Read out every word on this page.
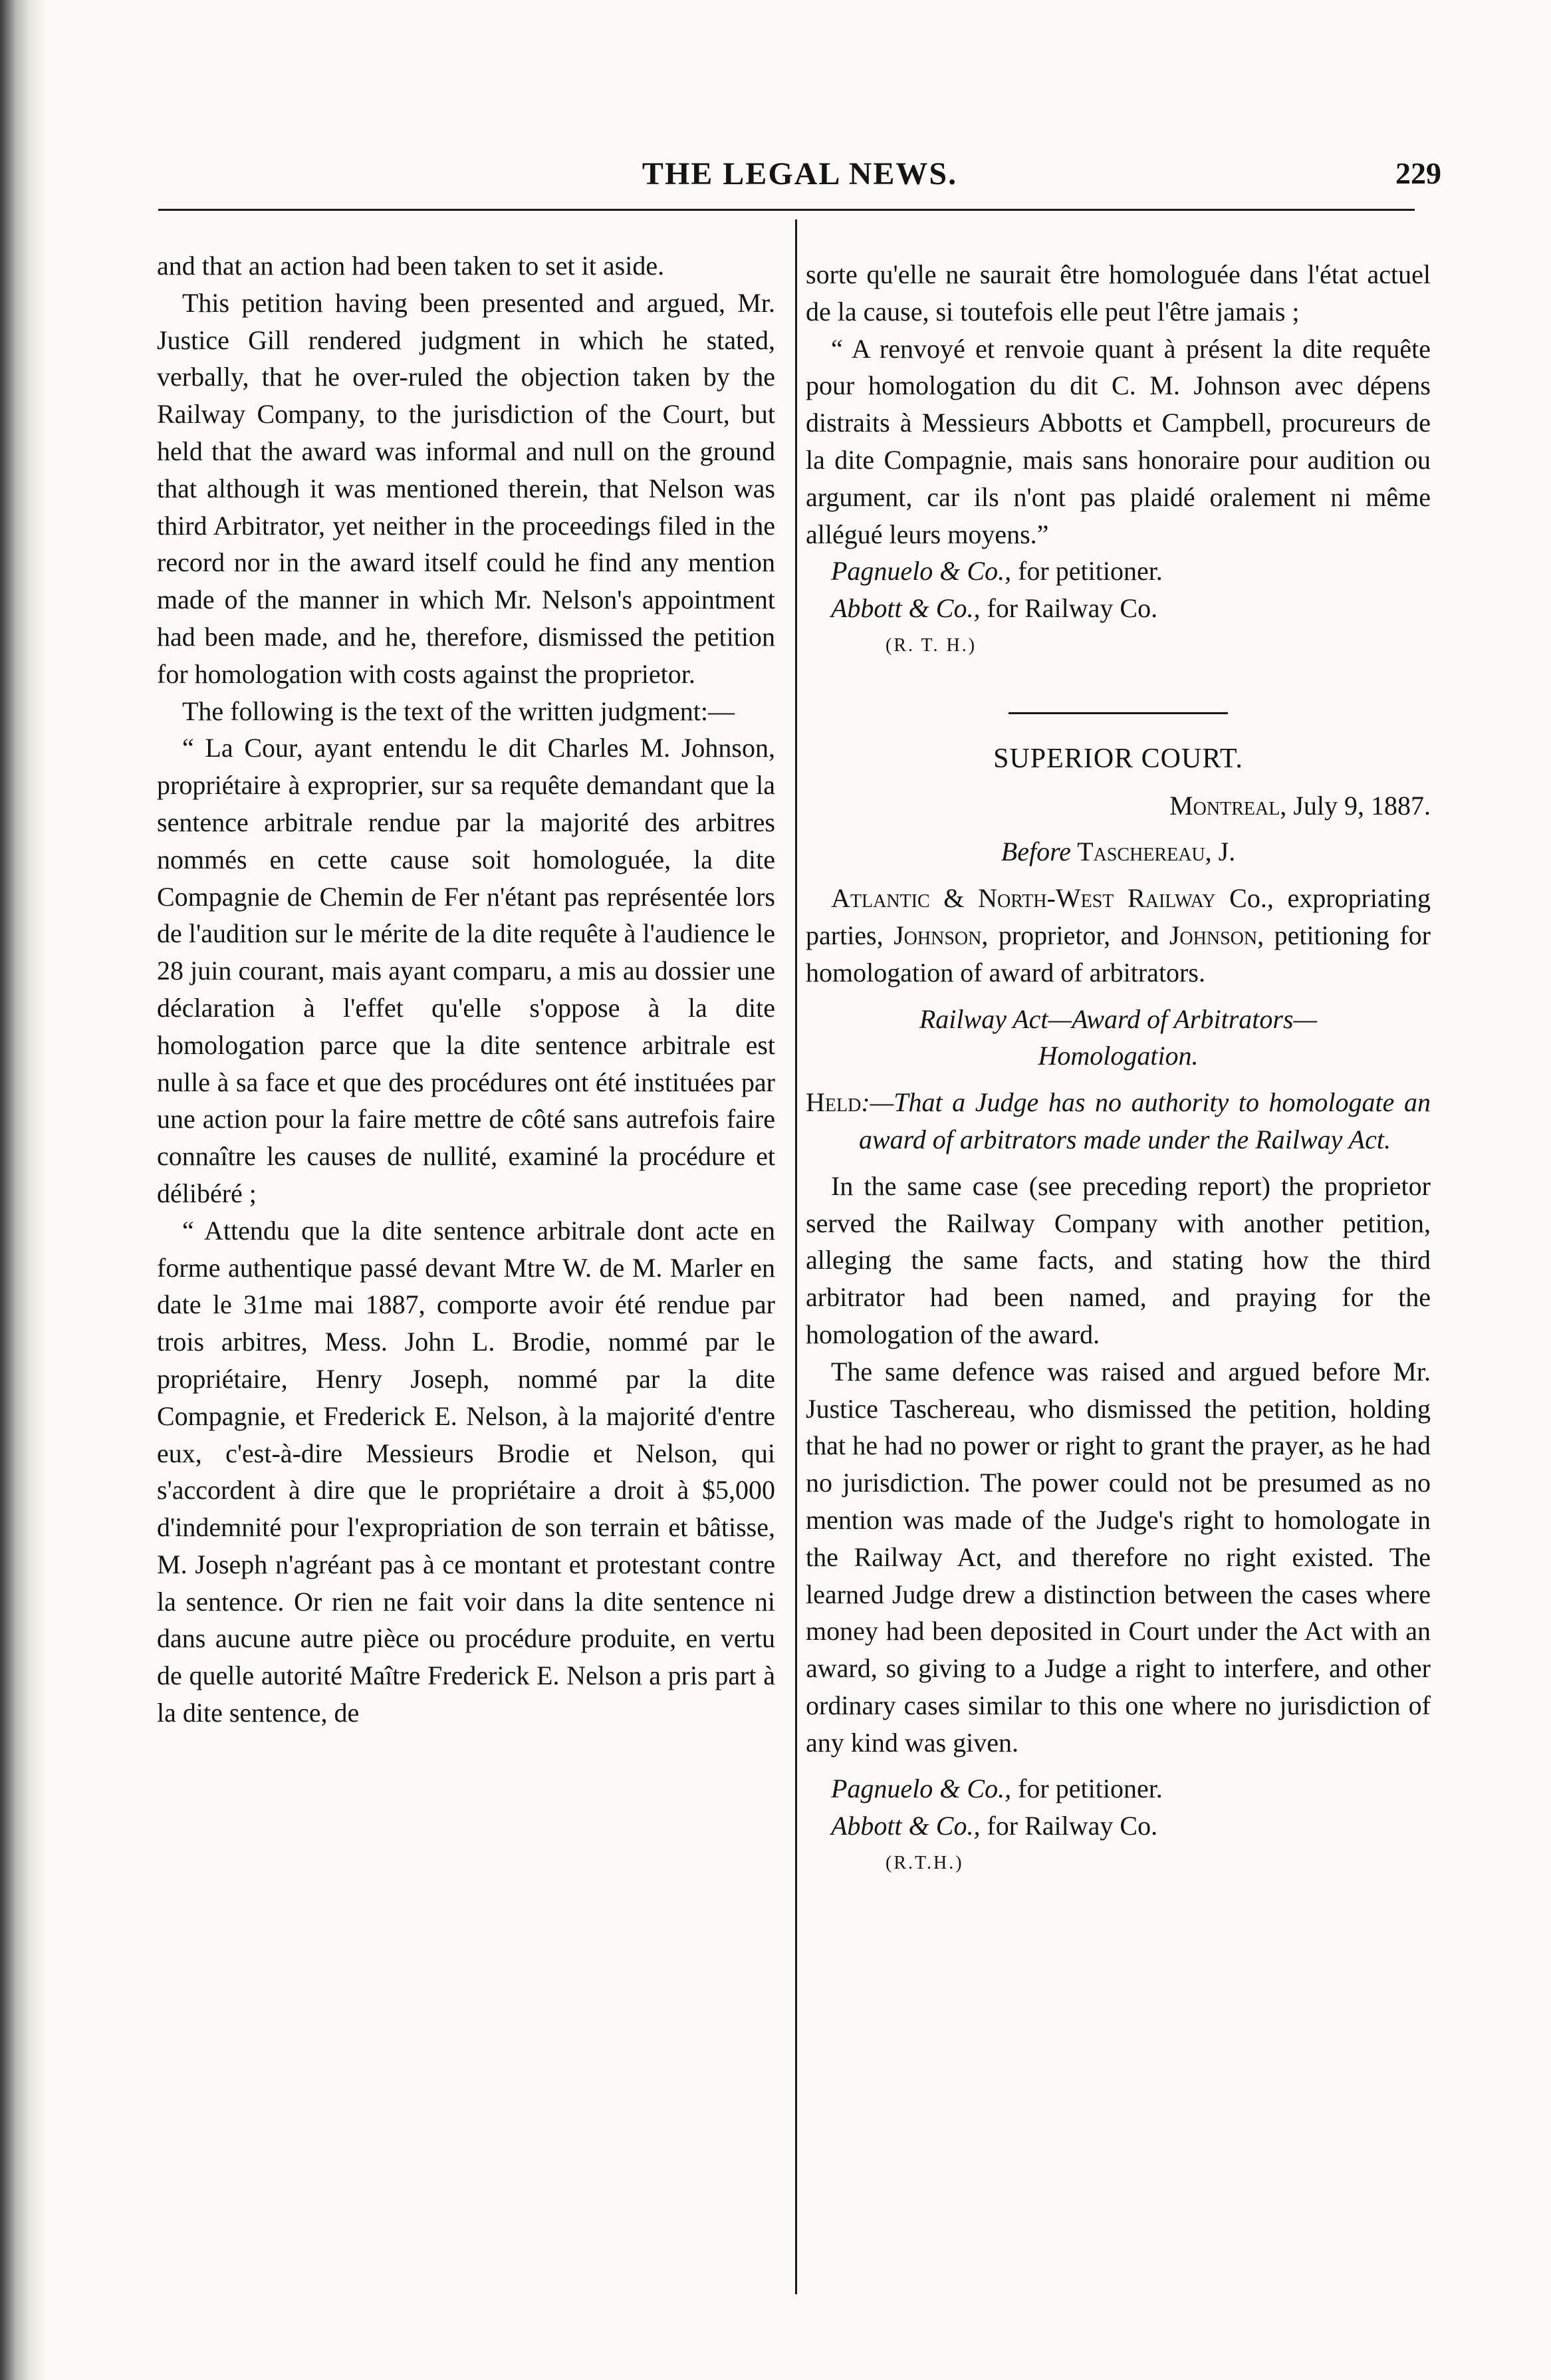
THE LEGAL NEWS.	229

and that an action had been taken to set it aside.

This petition having been presented and argued, Mr. Justice Gill rendered judgment in which he stated, verbally, that he over-ruled the objection taken by the Railway Company, to the jurisdiction of the Court, but held that the award was informal and null on the ground that although it was mentioned therein, that Nelson was third Arbitrator, yet neither in the proceedings filed in the record nor in the award itself could he find any mention made of the manner in which Mr. Nelson's appointment had been made, and he, therefore, dismissed the petition for homologation with costs against the proprietor.

The following is the text of the written judgment:—

“ La Cour, ayant entendu le dit Charles M. Johnson, propriétaire à exproprier, sur sa requête demandant que la sentence arbitrale rendue par la majorité des arbitres nommés en cette cause soit homologuée, la dite Compagnie de Chemin de Fer n'étant pas représentée lors de l'audition sur le mérite de la dite requête à l'audience le 28 juin courant, mais ayant comparu, a mis au dossier une déclaration à l'effet qu'elle s'oppose à la dite homologation parce que la dite sentence arbitrale est nulle à sa face et que des procédures ont été instituées par une action pour la faire mettre de côté sans autrefois faire connaître les causes de nullité, examiné la procédure et délibéré ;

“ Attendu que la dite sentence arbitrale dont acte en forme authentique passé devant Mtre W. de M. Marler en date le 31me mai 1887, comporte avoir été rendue par trois arbitres, Mess. John L. Brodie, nommé par le propriétaire, Henry Joseph, nommé par la dite Compagnie, et Frederick E. Nelson, à la majorité d'entre eux, c'est-à-dire Messieurs Brodie et Nelson, qui s'accordent à dire que le propriétaire a droit à $5,000 d'indemnité pour l'expropriation de son terrain et bâtisse, M. Joseph n'agréant pas à ce montant et protestant contre la sentence. Or rien ne fait voir dans la dite sentence ni dans aucune autre pièce ou procédure produite, en vertu de quelle autorité Maître Frederick E. Nelson a pris part à la dite sentence, de

sorte qu'elle ne saurait être homologuée dans l'état actuel de la cause, si toutefois elle peut l'être jamais ;

“ A renvoyé et renvoie quant à présent la dite requête pour homologation du dit C. M. Johnson avec dépens distraits à Messieurs Abbotts et Campbell, procureurs de la dite Compagnie, mais sans honoraire pour audition ou argument, car ils n'ont pas plaidé oralement ni même allégué leurs moyens.”

Pagnuelo & Co., for petitioner.

Abbott & Co., for Railway Co.

(R. T. H.)

SUPERIOR COURT.

Montreal, July 9, 1887.

Before Taschereau, J.

Atlantic & North-West Railway Co., expropriating parties, Johnson, proprietor, and Johnson, petitioning for homologation of award of arbitrators.

Railway Act—Award of Arbitrators—

Homologation.

Held:—That a Judge has no authority to homologate an award of arbitrators made under the Railway Act.

In the same case (see preceding report) the proprietor served the Railway Company with another petition, alleging the same facts, and stating how the third arbitrator had been named, and praying for the homologation of the award.

The same defence was raised and argued before Mr. Justice Taschereau, who dismissed the petition, holding that he had no power or right to grant the prayer, as he had no jurisdiction. The power could not be presumed as no mention was made of the Judge's right to homologate in the Railway Act, and therefore no right existed. The learned Judge drew a distinction between the cases where money had been deposited in Court under the Act with an award, so giving to a Judge a right to interfere, and other ordinary cases similar to this one where no jurisdiction of any kind was given.

Pagnuelo & Co., for petitioner.

Abbott & Co., for Railway Co.

(R.T.H.)
